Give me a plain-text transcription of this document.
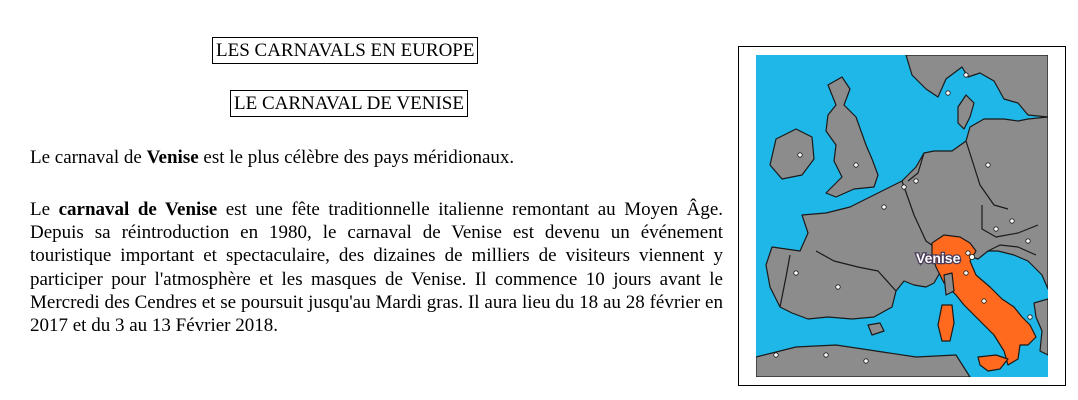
LES CARNAVALS EN EUROPE
LE CARNAVAL DE VENISE
Le carnaval de Venise est le plus célèbre des pays méridionaux.
Le carnaval de Venise est une fête traditionnelle italienne remontant au Moyen Âge. Depuis sa réintroduction en 1980, le carnaval de Venise est devenu un événement touristique important et spectaculaire, des dizaines de milliers de visiteurs viennent y participer pour l'atmosphère et les masques de Venise. Il commence 10 jours avant le Mercredi des Cendres et se poursuit jusqu'au Mardi gras. Il aura lieu du 18 au 28 février en 2017 et du 3 au 13 Février 2018.
Venise
